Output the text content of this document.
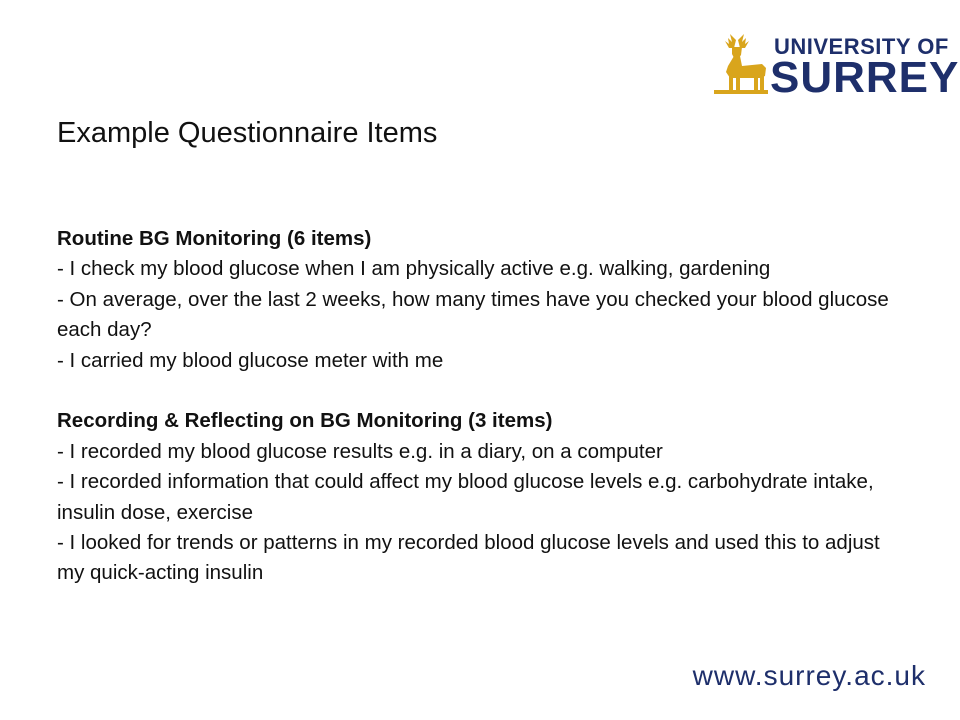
UNIVERSITY OF
SURREY
Example Questionnaire Items
Routine BG Monitoring (6 items)

- I check my blood glucose when I am physically active e.g. walking, gardening

- On average, over the last 2 weeks, how many times have you checked your blood glucose each day?

- I carried my blood glucose meter with me

Recording & Reflecting on BG Monitoring (3 items)

- I recorded my blood glucose results e.g. in a diary, on a computer

- I recorded information that could affect my blood glucose levels e.g. carbohydrate intake, insulin dose, exercise

- I looked for trends or patterns in my recorded blood glucose levels and used this to adjust my quick-acting insulin

www.surrey.ac.uk
